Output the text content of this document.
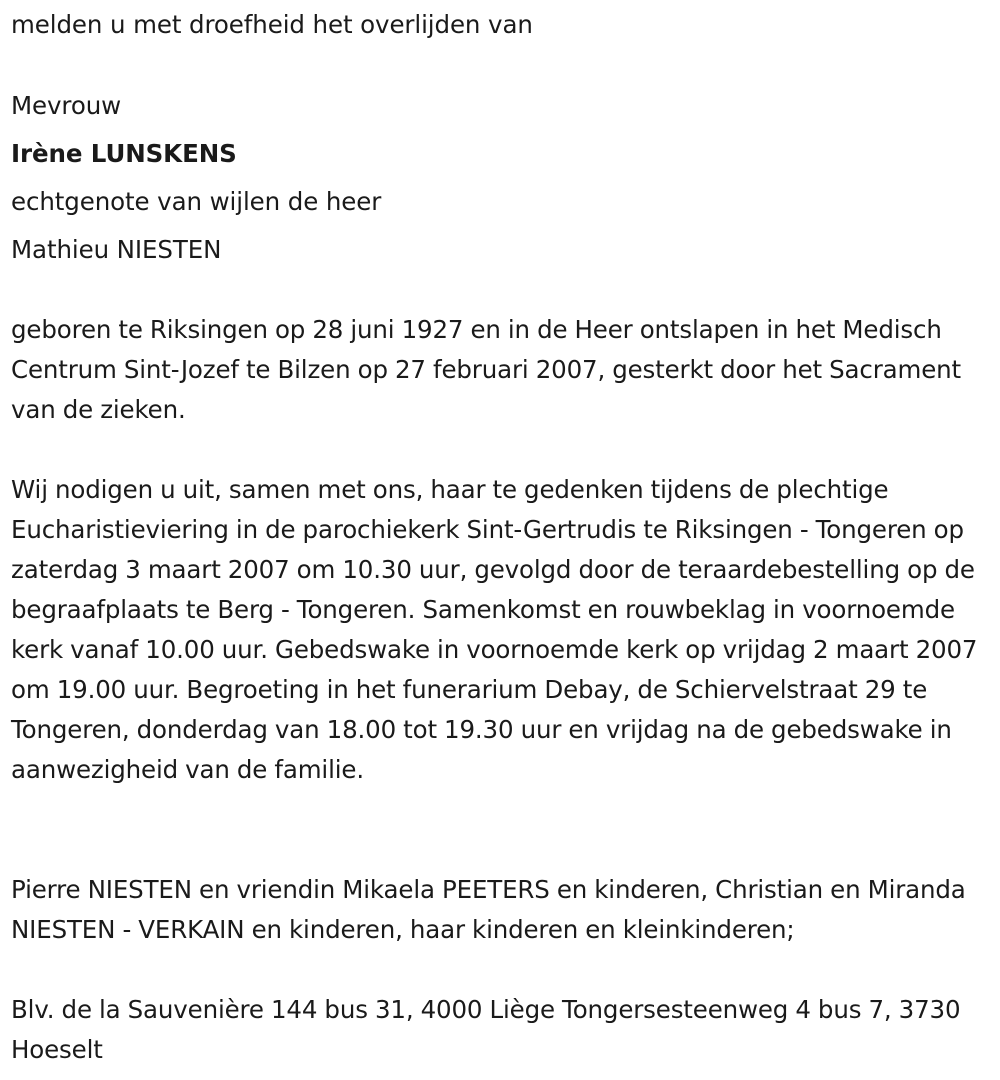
melden u met droefheid het overlijden van
Mevrouw
Irène LUNSKENS
echtgenote van wijlen de heer
Mathieu NIESTEN
geboren te Riksingen op 28 juni 1927 en in de Heer ontslapen in het Medisch Centrum Sint-Jozef te Bilzen op 27 februari 2007, gesterkt door het Sacrament van de zieken.
Wij nodigen u uit, samen met ons, haar te gedenken tijdens de plechtige Eucharistieviering in de parochiekerk Sint-Gertrudis te Riksingen - Tongeren op zaterdag 3 maart 2007 om 10.30 uur, gevolgd door de teraardebestelling op de begraafplaats te Berg - Tongeren. Samenkomst en rouwbeklag in voornoemde kerk vanaf 10.00 uur. Gebedswake in voornoemde kerk op vrijdag 2 maart 2007 om 19.00 uur. Begroeting in het funerarium Debay, de Schiervelstraat 29 te Tongeren, donderdag van 18.00 tot 19.30 uur en vrijdag na de gebedswake in aanwezigheid van de familie.
Pierre NIESTEN en vriendin Mikaela PEETERS en kinderen, Christian en Miranda NIESTEN - VERKAIN en kinderen, haar kinderen en kleinkinderen;
Blv. de la Sauvenière 144 bus 31, 4000 Liège Tongersesteenweg 4 bus 7, 3730 Hoeselt
